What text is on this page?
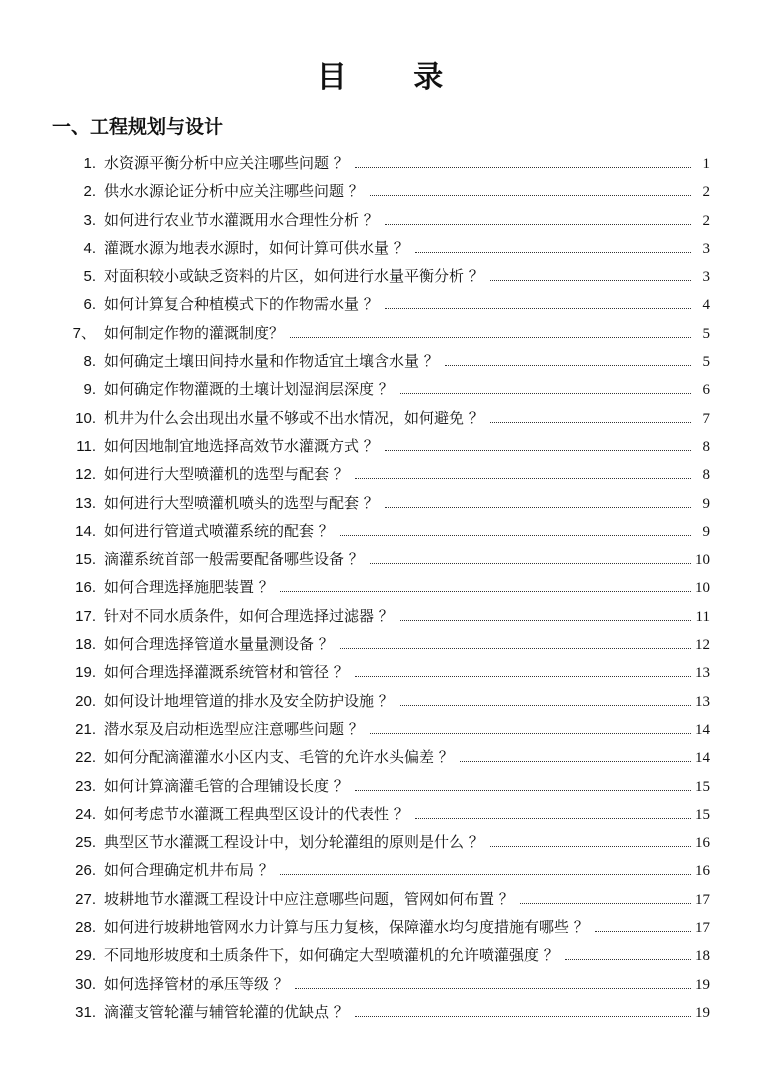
目 录
一、工程规划与设计
1. 水资源平衡分析中应关注哪些问题 ？	1
2. 供水水源论证分析中应关注哪些问题 ？	2
3. 如何进行农业节水灌溉用水合理性分析 ？	2
4. 灌溉水源为地表水源时，如何计算可供水量 ？	3
5. 对面积较小或缺乏资料的片区，如何进行水量平衡分析 ？	3
6. 如何计算复合种植模式下的作物需水量 ？	4
7、 如何制定作物的灌溉制度？	5
8. 如何确定土壤田间持水量和作物适宜土壤含水量 ？	5
9. 如何确定作物灌溉的土壤计划湿润层深度 ？	6
10. 机井为什么会出现出水量不够或不出水情况，如何避免 ？	7
11. 如何因地制宜地选择高效节水灌溉方式 ？	8
12. 如何进行大型喷灌机的选型与配套 ？	8
13. 如何进行大型喷灌机喷头的选型与配套 ？	9
14. 如何进行管道式喷灌系统的配套 ？	9
15. 滴灌系统首部一般需要配备哪些设备 ？	10
16. 如何合理选择施肥装置 ？	10
17. 针对不同水质条件，如何合理选择过滤器 ？	11
18. 如何合理选择管道水量量测设备 ？	12
19. 如何合理选择灌溉系统管材和管径 ？	13
20. 如何设计地埋管道的排水及安全防护设施 ？	13
21. 潜水泵及启动柜选型应注意哪些问题 ？	14
22. 如何分配滴灌灌水小区内支、毛管的允许水头偏差 ？	14
23. 如何计算滴灌毛管的合理铺设长度 ？	15
24. 如何考虑节水灌溉工程典型区设计的代表性 ？	15
25. 典型区节水灌溉工程设计中，划分轮灌组的原则是什么 ？	16
26. 如何合理确定机井布局 ？	16
27. 坡耕地节水灌溉工程设计中应注意哪些问题，管网如何布置 ？	17
28. 如何进行坡耕地管网水力计算与压力复核，保障灌水均匀度措施有哪些 ？	17
29. 不同地形坡度和土质条件下，如何确定大型喷灌机的允许喷灌强度 ？	18
30. 如何选择管材的承压等级 ？	19
31. 滴灌支管轮灌与辅管轮灌的优缺点 ？	19
